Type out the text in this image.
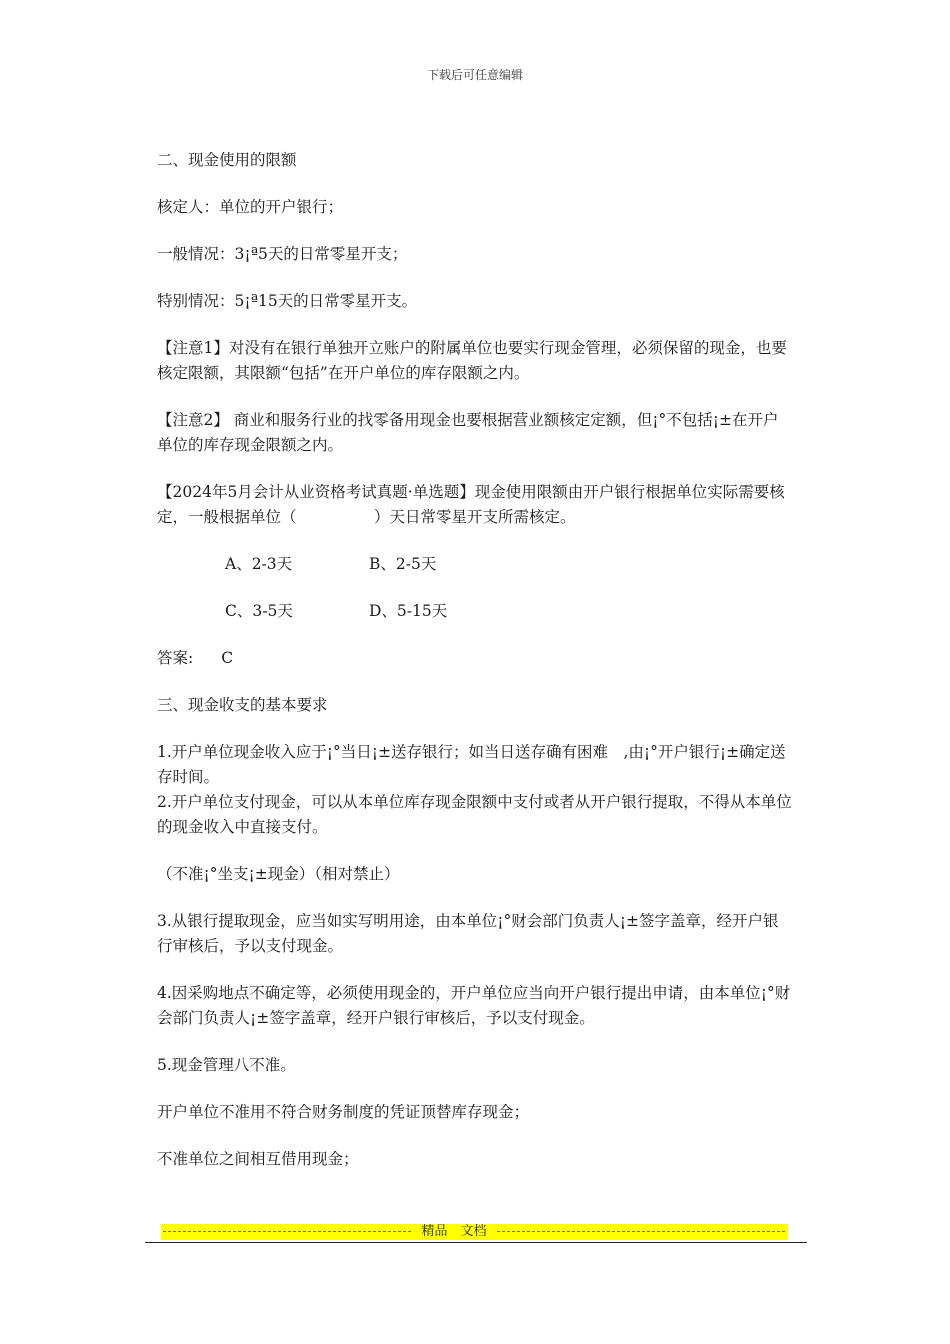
下载后可任意编辑

二、现金使用的限额

核定人：单位的开户银行；

一般情况：3¡ª5天的日常零星开支；

特别情况：5¡ª15天的日常零星开支。

【注意1】对没有在银行单独开立账户的附属单位也要实行现金管理，必须保留的现金，也要核定限额，其限额“包括”在开户单位的库存限额之内。

【注意2】 商业和服务行业的找零备用现金也要根据营业额核定定额，但¡°不包括¡±在开户单位的库存现金限额之内。

【2024年5月会计从业资格考试真题·单选题】现金使用限额由开户银行根据单位实际需要核定，一般根据单位（　　　　　）天日常零星开支所需核定。

A、2-3天	B、2-5天
C、3-5天	D、5-15天

答案: C

三、现金收支的基本要求

1.开户单位现金收入应于¡°当日¡±送存银行；如当日送存确有困难　,由¡°开户银行¡±确定送存时间。

2.开户单位支付现金，可以从本单位库存现金限额中支付或者从开户银行提取，不得从本单位的现金收入中直接支付。

（不准¡°坐支¡±现金）（相对禁止）

3.从银行提取现金，应当如实写明用途，由本单位¡°财会部门负责人¡±签字盖章，经开户银行审核后，予以支付现金。

4.因采购地点不确定等，必须使用现金的，开户单位应当向开户银行提出申请，由本单位¡°财会部门负责人¡±签字盖章，经开户银行审核后，予以支付现金。

5.现金管理八不准。

开户单位不准用不符合财务制度的凭证顶替库存现金；

不准单位之间相互借用现金；

精品　文档
